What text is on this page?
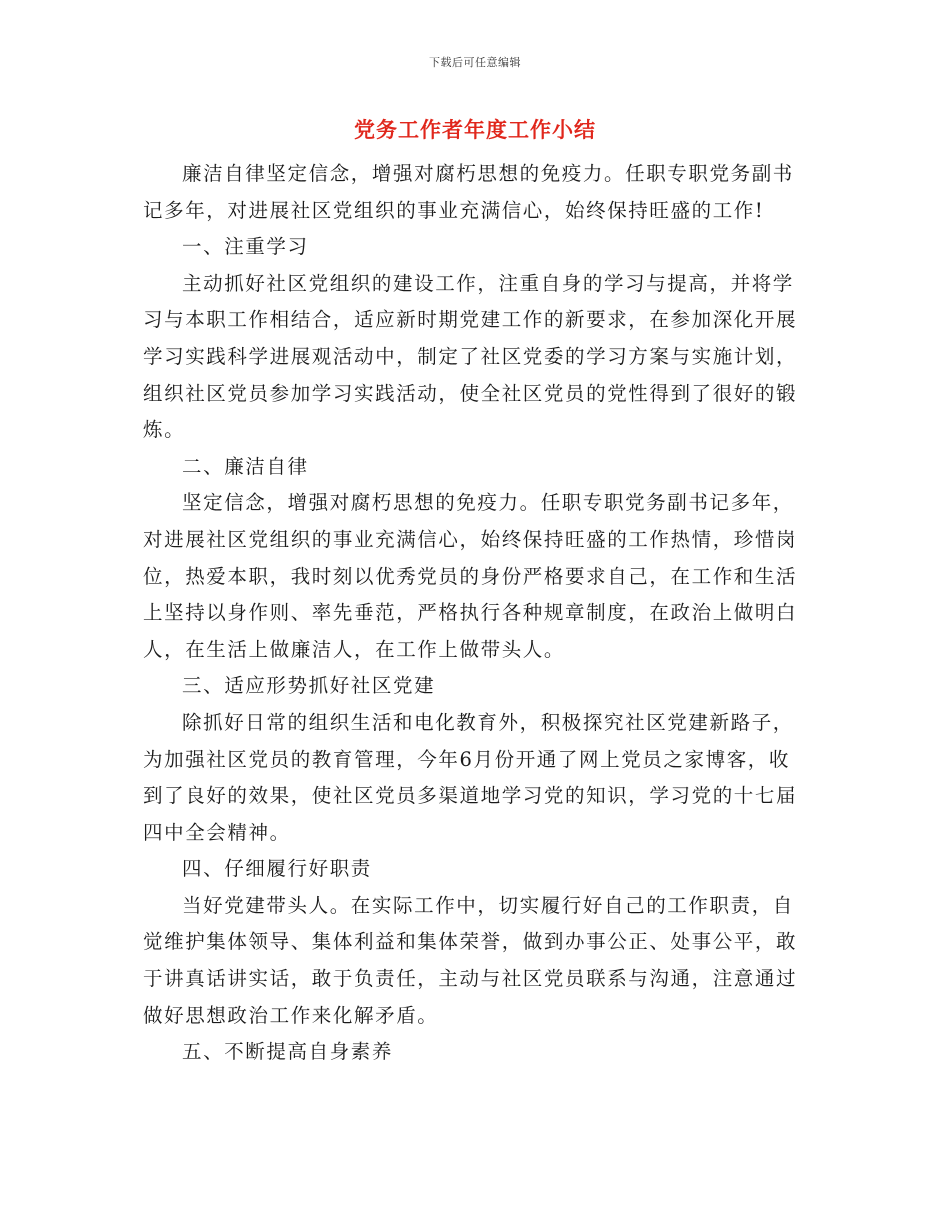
下载后可任意编辑
党务工作者年度工作小结

廉洁自律坚定信念，增强对腐朽思想的免疫力。任职专职党务副书记多年，对进展社区党组织的事业充满信心，始终保持旺盛的工作!

一、注重学习

主动抓好社区党组织的建设工作，注重自身的学习与提高，并将学习与本职工作相结合，适应新时期党建工作的新要求，在参加深化开展学习实践科学进展观活动中，制定了社区党委的学习方案与实施计划，组织社区党员参加学习实践活动，使全社区党员的党性得到了很好的锻炼。

二、廉洁自律

坚定信念，增强对腐朽思想的免疫力。任职专职党务副书记多年，对进展社区党组织的事业充满信心，始终保持旺盛的工作热情，珍惜岗位，热爱本职，我时刻以优秀党员的身份严格要求自己，在工作和生活上坚持以身作则、率先垂范，严格执行各种规章制度，在政治上做明白人，在生活上做廉洁人，在工作上做带头人。

三、适应形势抓好社区党建

除抓好日常的组织生活和电化教育外，积极探究社区党建新路子，为加强社区党员的教育管理，今年6月份开通了网上党员之家博客，收到了良好的效果，使社区党员多渠道地学习党的知识，学习党的十七届四中全会精神。

四、仔细履行好职责

当好党建带头人。在实际工作中，切实履行好自己的工作职责，自觉维护集体领导、集体利益和集体荣誉，做到办事公正、处事公平，敢于讲真话讲实话，敢于负责任，主动与社区党员联系与沟通，注意通过做好思想政治工作来化解矛盾。

五、不断提高自身素养
